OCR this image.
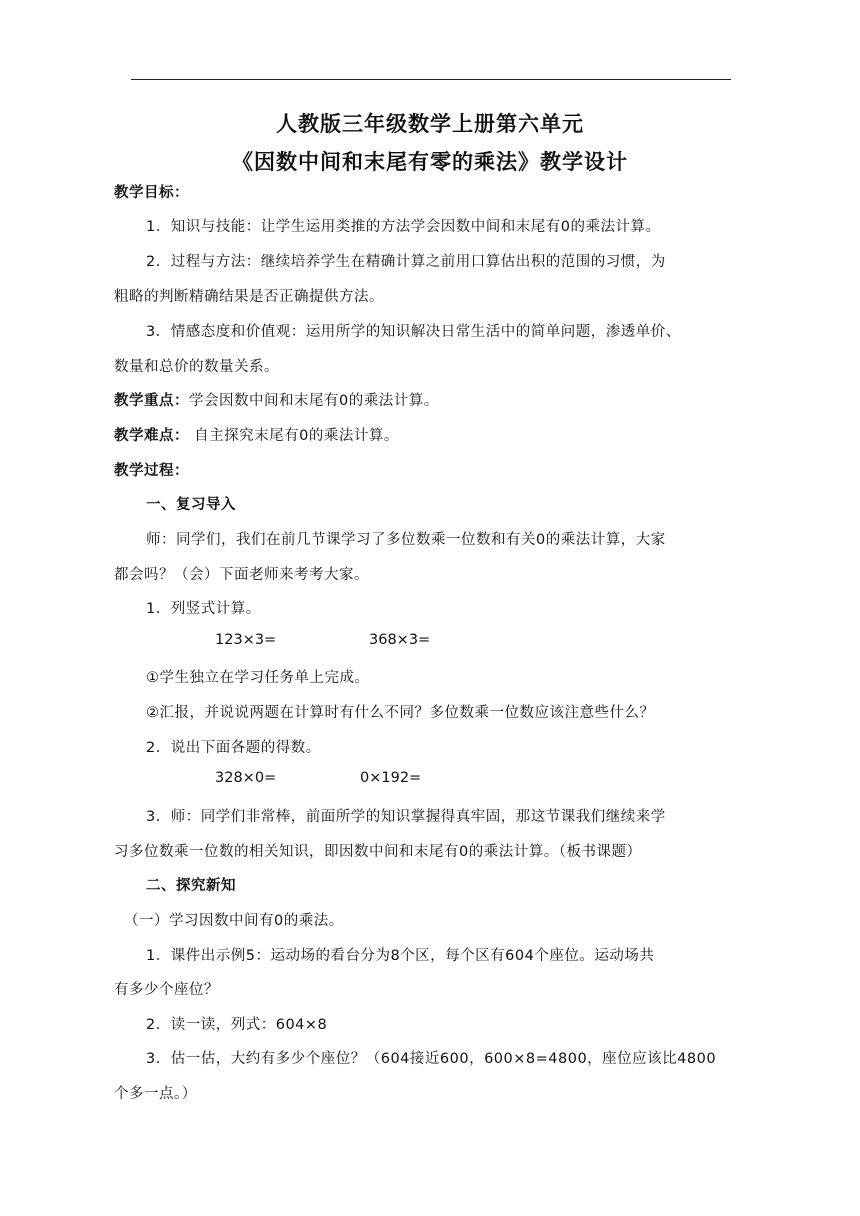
人教版三年级数学上册第六单元
《因数中间和末尾有零的乘法》教学设计
教学目标：
1．知识与技能：让学生运用类推的方法学会因数中间和末尾有0的乘法计算。
2．过程与方法：继续培养学生在精确计算之前用口算估出积的范围的习惯，为
粗略的判断精确结果是否正确提供方法。
3．情感态度和价值观：运用所学的知识解决日常生活中的简单问题，渗透单价、
数量和总价的数量关系。
教学重点：学会因数中间和末尾有0的乘法计算。
教学难点： 自主探究末尾有0的乘法计算。
教学过程：
一、复习导入
师：同学们，我们在前几节课学习了多位数乘一位数和有关0的乘法计算，大家
都会吗？（会）下面老师来考考大家。
1．列竖式计算。
123×3=	368×3=
①学生独立在学习任务单上完成。
②汇报，并说说两题在计算时有什么不同？多位数乘一位数应该注意些什么？
2．说出下面各题的得数。
328×0=	0×192=
3．师：同学们非常棒，前面所学的知识掌握得真牢固，那这节课我们继续来学
习多位数乘一位数的相关知识，即因数中间和末尾有0的乘法计算。（板书课题）
二、探究新知
（一）学习因数中间有0的乘法。
1．课件出示例5：运动场的看台分为8个区，每个区有604个座位。运动场共
有多少个座位？
2．读一读，列式：604×8
3．估一估，大约有多少个座位？（604接近600，600×8=4800，座位应该比4800
个多一点。）
